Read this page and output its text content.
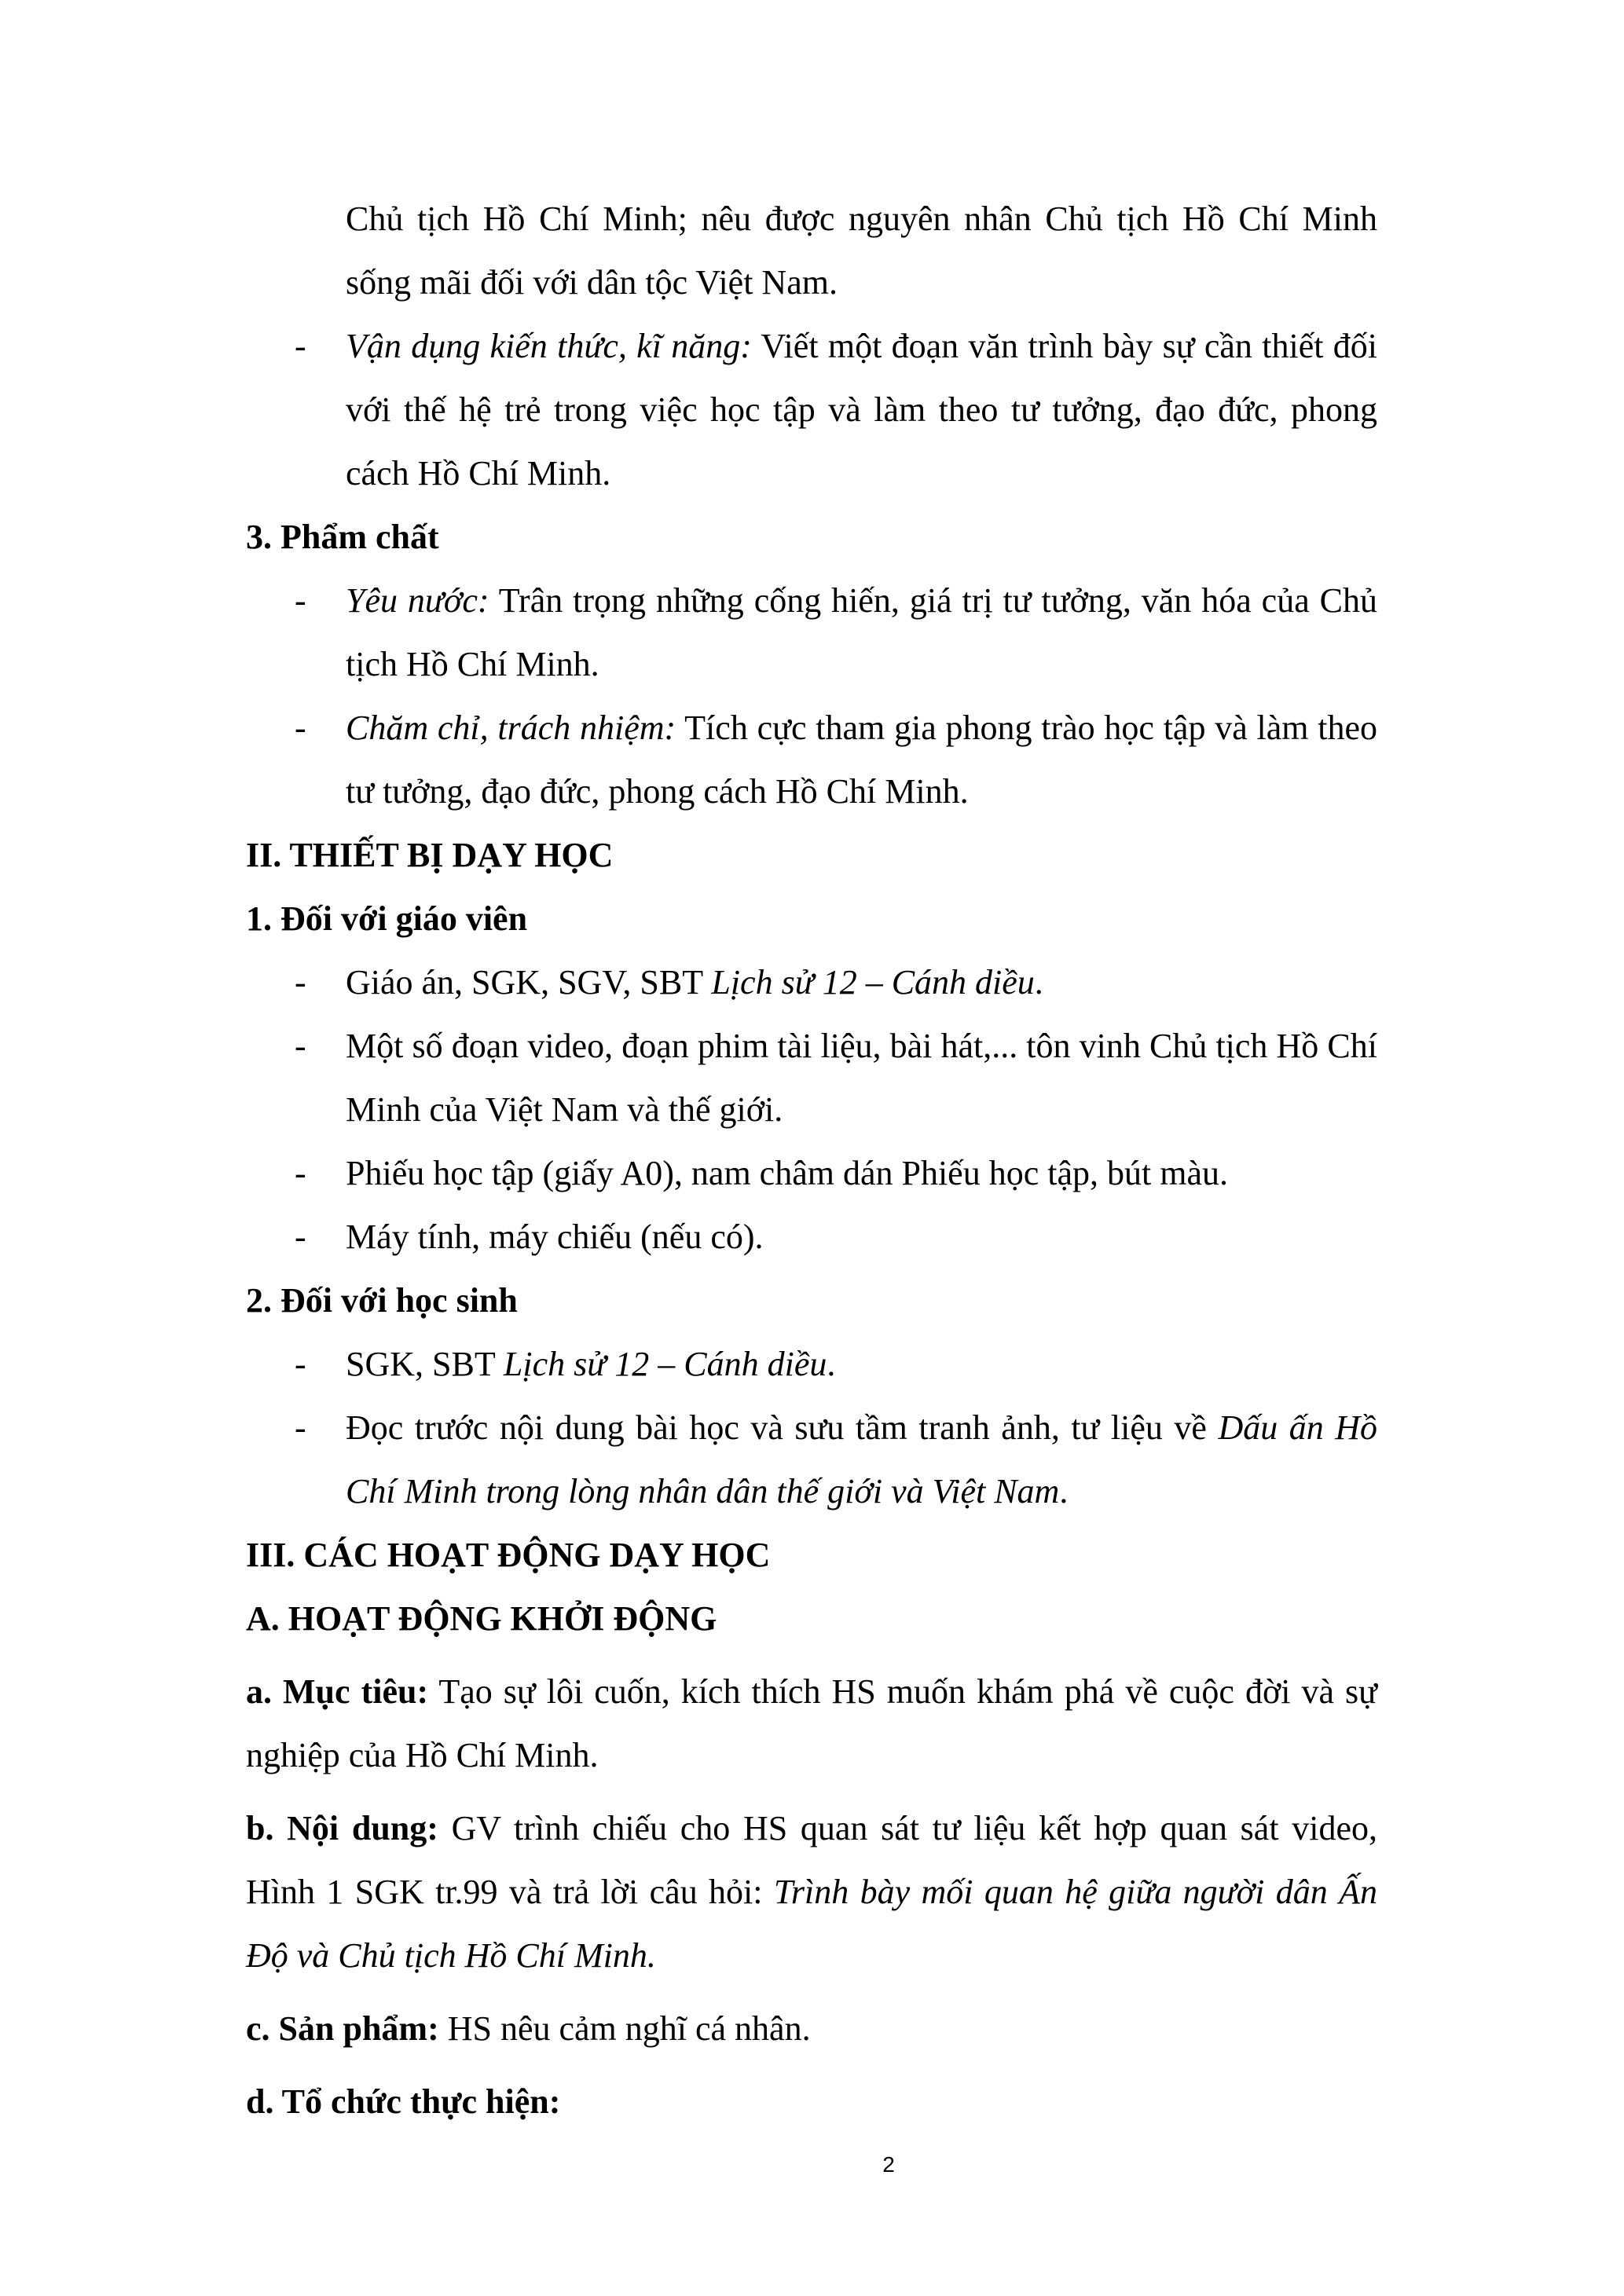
Chủ tịch Hồ Chí Minh; nêu được nguyên nhân Chủ tịch Hồ Chí Minh sống mãi đối với dân tộc Việt Nam.

- Vận dụng kiến thức, kĩ năng: Viết một đoạn văn trình bày sự cần thiết đối với thế hệ trẻ trong việc học tập và làm theo tư tưởng, đạo đức, phong cách Hồ Chí Minh.

3. Phẩm chất

- Yêu nước: Trân trọng những cống hiến, giá trị tư tưởng, văn hóa của Chủ tịch Hồ Chí Minh.
- Chăm chỉ, trách nhiệm: Tích cực tham gia phong trào học tập và làm theo tư tưởng, đạo đức, phong cách Hồ Chí Minh.

II. THIẾT BỊ DẠY HỌC

1. Đối với giáo viên

- Giáo án, SGK, SGV, SBT Lịch sử 12 – Cánh diều.
- Một số đoạn video, đoạn phim tài liệu, bài hát,... tôn vinh Chủ tịch Hồ Chí Minh của Việt Nam và thế giới.
- Phiếu học tập (giấy A0), nam châm dán Phiếu học tập, bút màu.
- Máy tính, máy chiếu (nếu có).

2. Đối với học sinh

- SGK, SBT Lịch sử 12 – Cánh diều.
- Đọc trước nội dung bài học và sưu tầm tranh ảnh, tư liệu về Dấu ấn Hồ Chí Minh trong lòng nhân dân thế giới và Việt Nam.

III. CÁC HOẠT ĐỘNG DẠY HỌC

A. HOẠT ĐỘNG KHỞI ĐỘNG

a. Mục tiêu: Tạo sự lôi cuốn, kích thích HS muốn khám phá về cuộc đời và sự nghiệp của Hồ Chí Minh.

b. Nội dung: GV trình chiếu cho HS quan sát tư liệu kết hợp quan sát video, Hình 1 SGK tr.99 và trả lời câu hỏi: Trình bày mối quan hệ giữa người dân Ấn Độ và Chủ tịch Hồ Chí Minh.

c. Sản phẩm: HS nêu cảm nghĩ cá nhân.

d. Tổ chức thực hiện:

2
